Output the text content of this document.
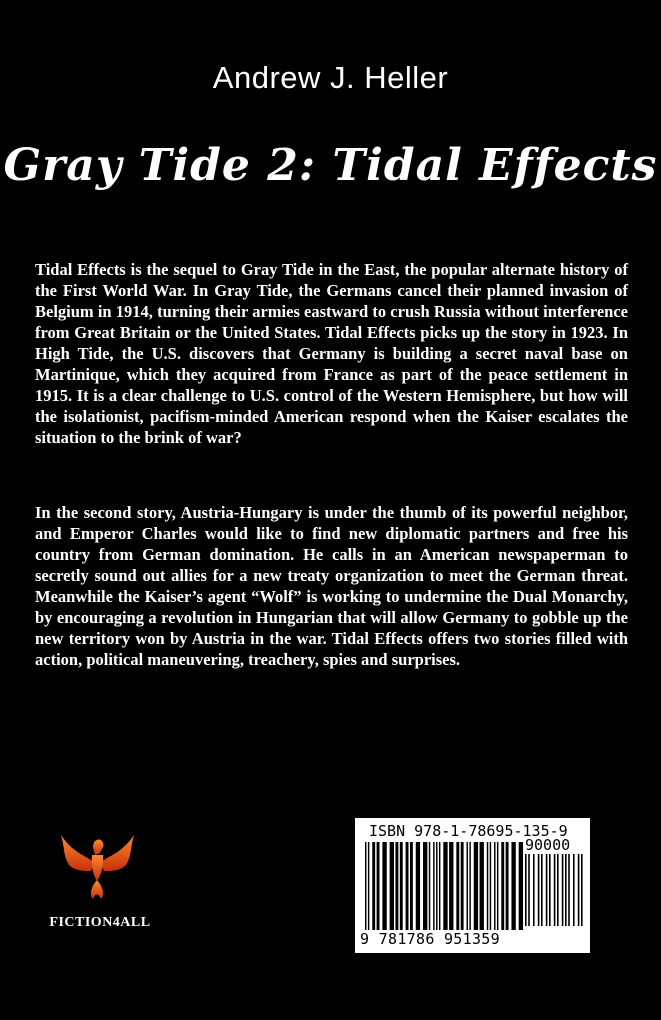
Andrew J. Heller
Gray Tide 2: Tidal Effects

Tidal Effects is the sequel to Gray Tide in the East, the popular alternate history of the First World War. In Gray Tide, the Germans cancel their planned invasion of Belgium in 1914, turning their armies eastward to crush Russia without interference from Great Britain or the United States. Tidal Effects picks up the story in 1923. In High Tide, the U.S. discovers that Germany is building a secret naval base on Martinique, which they acquired from France as part of the peace settlement in 1915. It is a clear challenge to U.S. control of the Western Hemisphere, but how will the isolationist, pacifism-minded American respond when the Kaiser escalates the situation to the brink of war?

In the second story, Austria-Hungary is under the thumb of its powerful neighbor, and Emperor Charles would like to find new diplomatic partners and free his country from German domination. He calls in an American newspaperman to secretly sound out allies for a new treaty organization to meet the German threat. Meanwhile the Kaiser’s agent “Wolf” is working to undermine the Dual Monarchy, by encouraging a revolution in Hungarian that will allow Germany to gobble up the new territory won by Austria in the war. Tidal Effects offers two stories filled with action, political maneuvering, treachery, spies and surprises.

FICTION4ALL
ISBN 978-1-78695-135-9
90000
9 781786 951359
